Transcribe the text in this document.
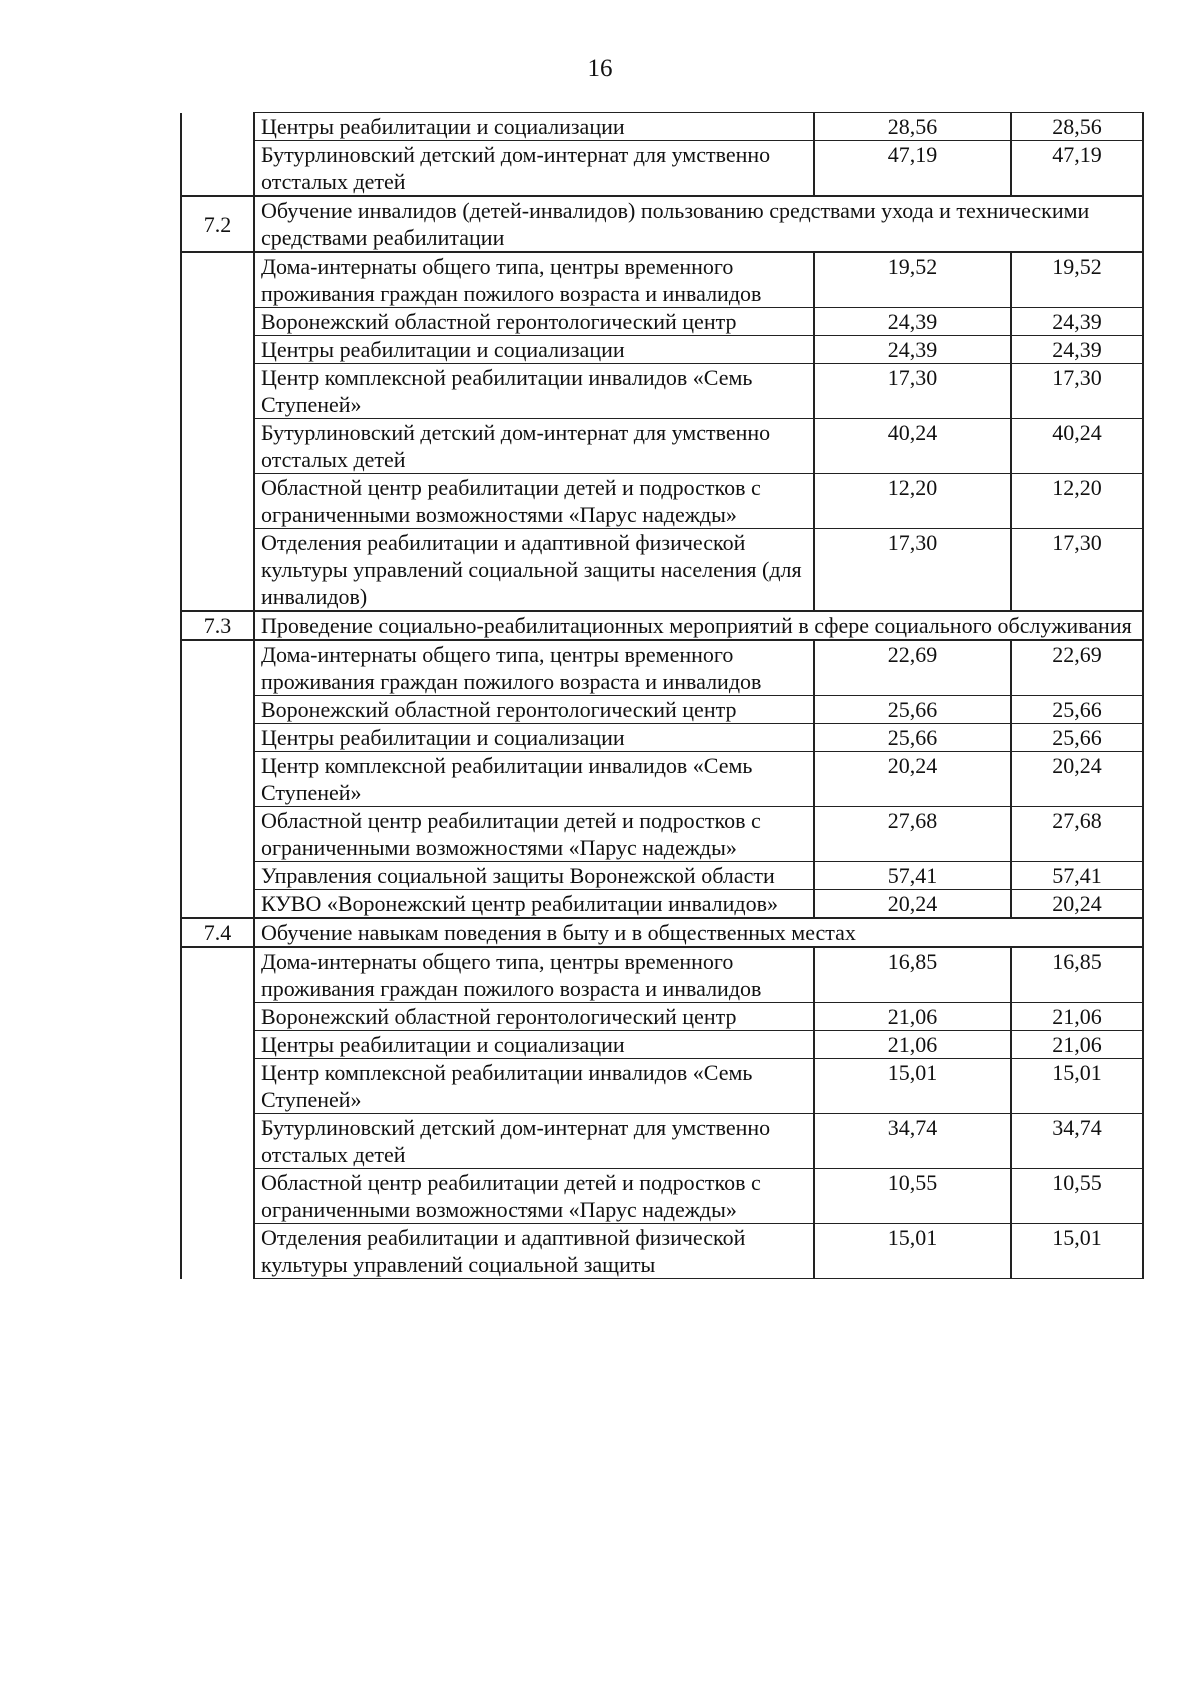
16
	Центры реабилитации и социализации	28,56	28,56
	Бутурлиновский детский дом-интернат для умственно отсталых детей	47,19	47,19
7.2	Обучение инвалидов (детей-инвалидов) пользованию средствами ухода и техническими средствами реабилитации		
	Дома-интернаты общего типа, центры временного проживания граждан пожилого возраста и инвалидов	19,52	19,52
	Воронежский областной геронтологический центр	24,39	24,39
	Центры реабилитации и социализации	24,39	24,39
	Центр комплексной реабилитации инвалидов «Семь Ступеней»	17,30	17,30
	Бутурлиновский детский дом-интернат для умственно отсталых детей	40,24	40,24
	Областной центр реабилитации детей и подростков с ограниченными возможностями «Парус надежды»	12,20	12,20
	Отделения реабилитации и адаптивной физической культуры управлений социальной защиты населения (для инвалидов)	17,30	17,30
7.3	Проведение социально-реабилитационных мероприятий в сфере социального обслуживания		
	Дома-интернаты общего типа, центры временного проживания граждан пожилого возраста и инвалидов	22,69	22,69
	Воронежский областной геронтологический центр	25,66	25,66
	Центры реабилитации и социализации	25,66	25,66
	Центр комплексной реабилитации инвалидов «Семь Ступеней»	20,24	20,24
	Областной центр реабилитации детей и подростков с ограниченными возможностями «Парус надежды»	27,68	27,68
	Управления социальной защиты Воронежской области	57,41	57,41
	КУВО «Воронежский центр реабилитации инвалидов»	20,24	20,24
7.4	Обучение навыкам поведения в быту и в общественных местах		
	Дома-интернаты общего типа, центры временного проживания граждан пожилого возраста и инвалидов	16,85	16,85
	Воронежский областной геронтологический центр	21,06	21,06
	Центры реабилитации и социализации	21,06	21,06
	Центр комплексной реабилитации инвалидов «Семь Ступеней»	15,01	15,01
	Бутурлиновский детский дом-интернат для умственно отсталых детей	34,74	34,74
	Областной центр реабилитации детей и подростков с ограниченными возможностями «Парус надежды»	10,55	10,55
	Отделения реабилитации и адаптивной физической культуры управлений социальной защиты	15,01	15,01
